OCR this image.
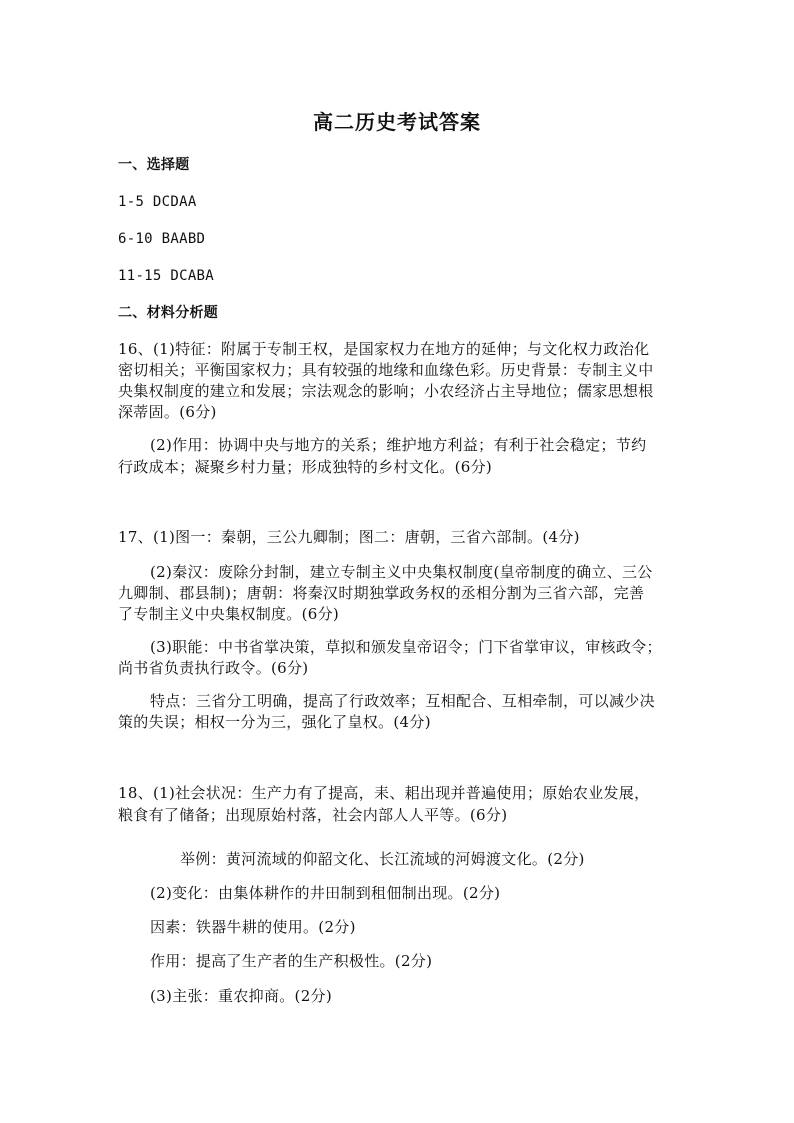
高二历史考试答案
一、选择题
1-5 DCDAA
6-10 BAABD
11-15 DCABA
二、材料分析题
16、(1)特征：附属于专制王权，是国家权力在地方的延伸；与文化权力政治化
密切相关；平衡国家权力；具有较强的地缘和血缘色彩。历史背景：专制主义中
央集权制度的建立和发展；宗法观念的影响；小农经济占主导地位；儒家思想根
深蒂固。(6分)
(2)作用：协调中央与地方的关系；维护地方利益；有利于社会稳定；节约
行政成本；凝聚乡村力量；形成独特的乡村文化。(6分)
17、(1)图一：秦朝，三公九卿制；图二：唐朝，三省六部制。(4分)
(2)秦汉：废除分封制，建立专制主义中央集权制度(皇帝制度的确立、三公
九卿制、郡县制)；唐朝：将秦汉时期独掌政务权的丞相分割为三省六部，完善
了专制主义中央集权制度。(6分)
(3)职能：中书省掌决策，草拟和颁发皇帝诏令；门下省掌审议，审核政令；
尚书省负责执行政令。(6分)
特点：三省分工明确，提高了行政效率；互相配合、互相牵制，可以减少决
策的失误；相权一分为三，强化了皇权。(4分)
18、(1)社会状况：生产力有了提高，耒、耜出现并普遍使用；原始农业发展，
粮食有了储备；出现原始村落，社会内部人人平等。(6分)
举例：黄河流域的仰韶文化、长江流域的河姆渡文化。(2分)
(2)变化：由集体耕作的井田制到租佃制出现。(2分)
因素：铁器牛耕的使用。(2分)
作用：提高了生产者的生产积极性。(2分)
(3)主张：重农抑商。(2分)
